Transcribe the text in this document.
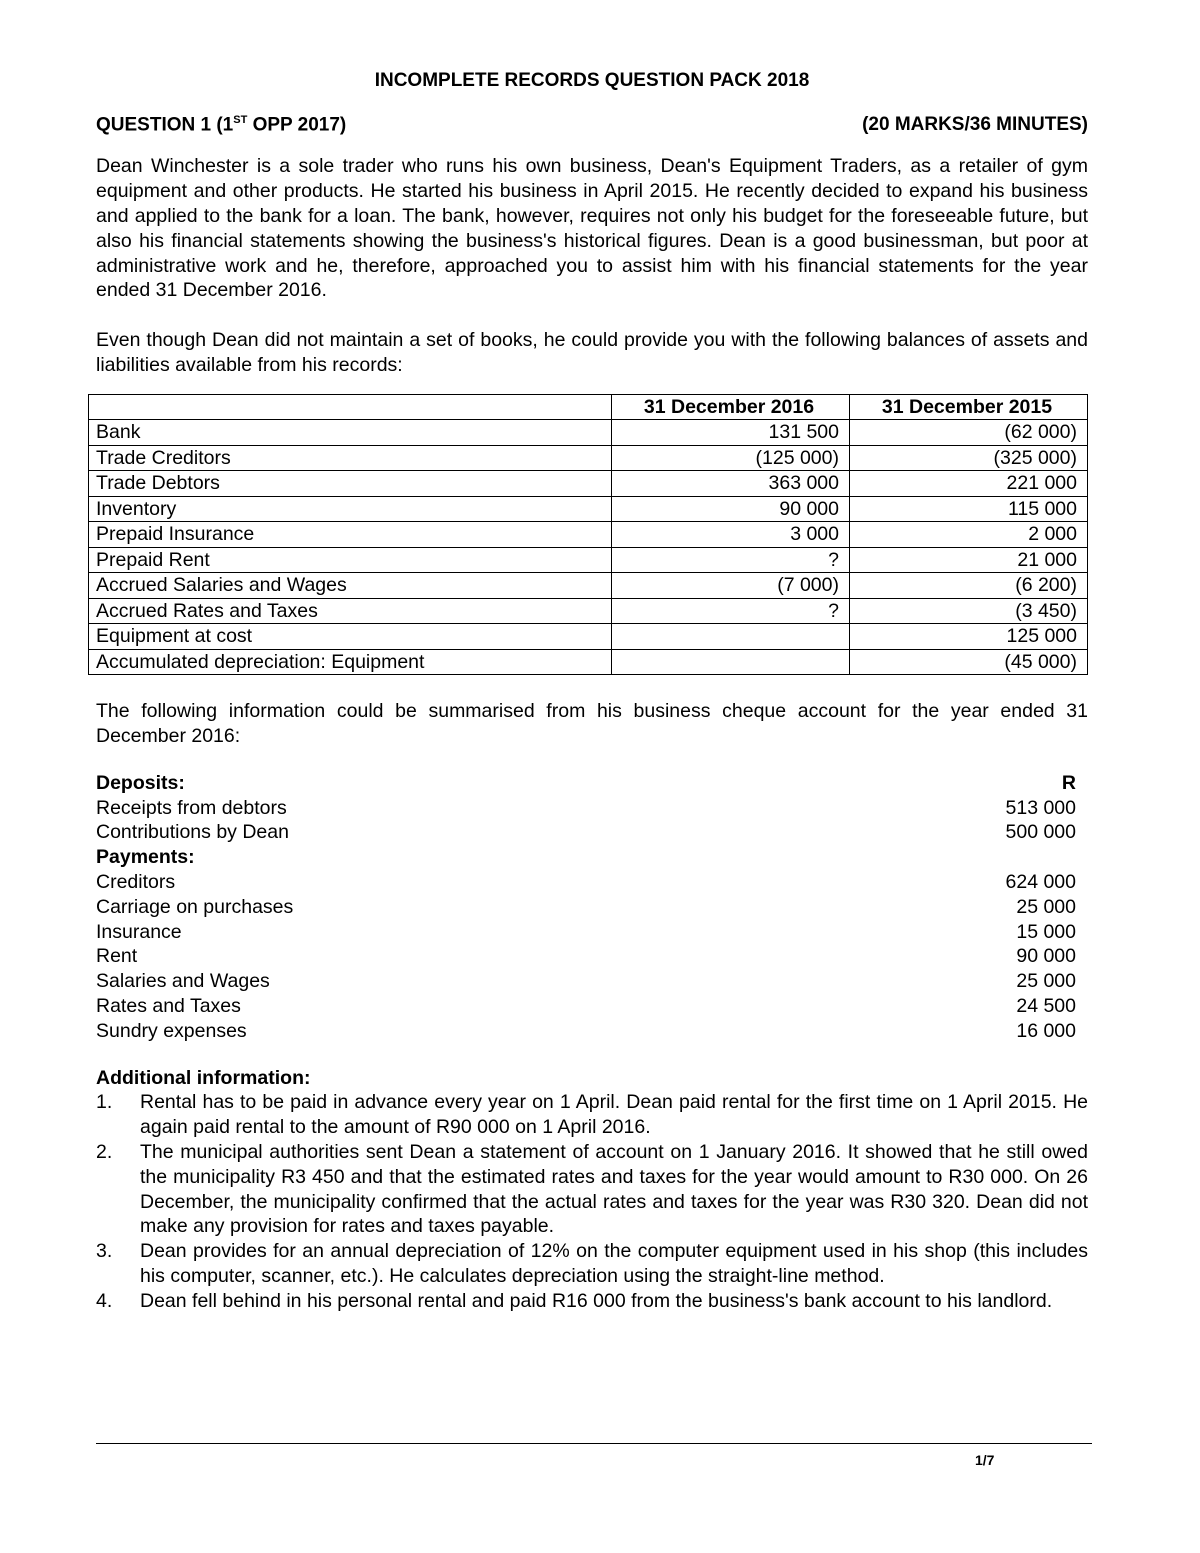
INCOMPLETE RECORDS QUESTION PACK 2018
QUESTION 1 (1ST OPP 2017)	(20 MARKS/36 MINUTES)

Dean Winchester is a sole trader who runs his own business, Dean's Equipment Traders, as a retailer of gym equipment and other products. He started his business in April 2015. He recently decided to expand his business and applied to the bank for a loan. The bank, however, requires not only his budget for the foreseeable future, but also his financial statements showing the business's historical figures. Dean is a good businessman, but poor at administrative work and he, therefore, approached you to assist him with his financial statements for the year ended 31 December 2016.

Even though Dean did not maintain a set of books, he could provide you with the following balances of assets and liabilities available from his records:

	31 December 2016	31 December 2015
Bank	131 500	(62 000)
Trade Creditors	(125 000)	(325 000)
Trade Debtors	363 000	221 000
Inventory	90 000	115 000
Prepaid Insurance	3 000	2 000
Prepaid Rent	?	21 000
Accrued Salaries and Wages	(7 000)	(6 200)
Accrued Rates and Taxes	?	(3 450)
Equipment at cost		125 000
Accumulated depreciation: Equipment		(45 000)

The following information could be summarised from his business cheque account for the year ended 31 December 2016:

Deposits:	R
Receipts from debtors	513 000
Contributions by Dean	500 000
Payments:
Creditors	624 000
Carriage on purchases	25 000
Insurance	15 000
Rent	90 000
Salaries and Wages	25 000
Rates and Taxes	24 500
Sundry expenses	16 000
Additional information:
1.	Rental has to be paid in advance every year on 1 April. Dean paid rental for the first time on 1 April 2015. He again paid rental to the amount of R90 000 on 1 April 2016.
2.	The municipal authorities sent Dean a statement of account on 1 January 2016. It showed that he still owed the municipality R3 450 and that the estimated rates and taxes for the year would amount to R30 000. On 26 December, the municipality confirmed that the actual rates and taxes for the year was R30 320. Dean did not make any provision for rates and taxes payable.
3.	Dean provides for an annual depreciation of 12% on the computer equipment used in his shop (this includes his computer, scanner, etc.). He calculates depreciation using the straight-line method.
4.	Dean fell behind in his personal rental and paid R16 000 from the business's bank account to his landlord.
1/7
